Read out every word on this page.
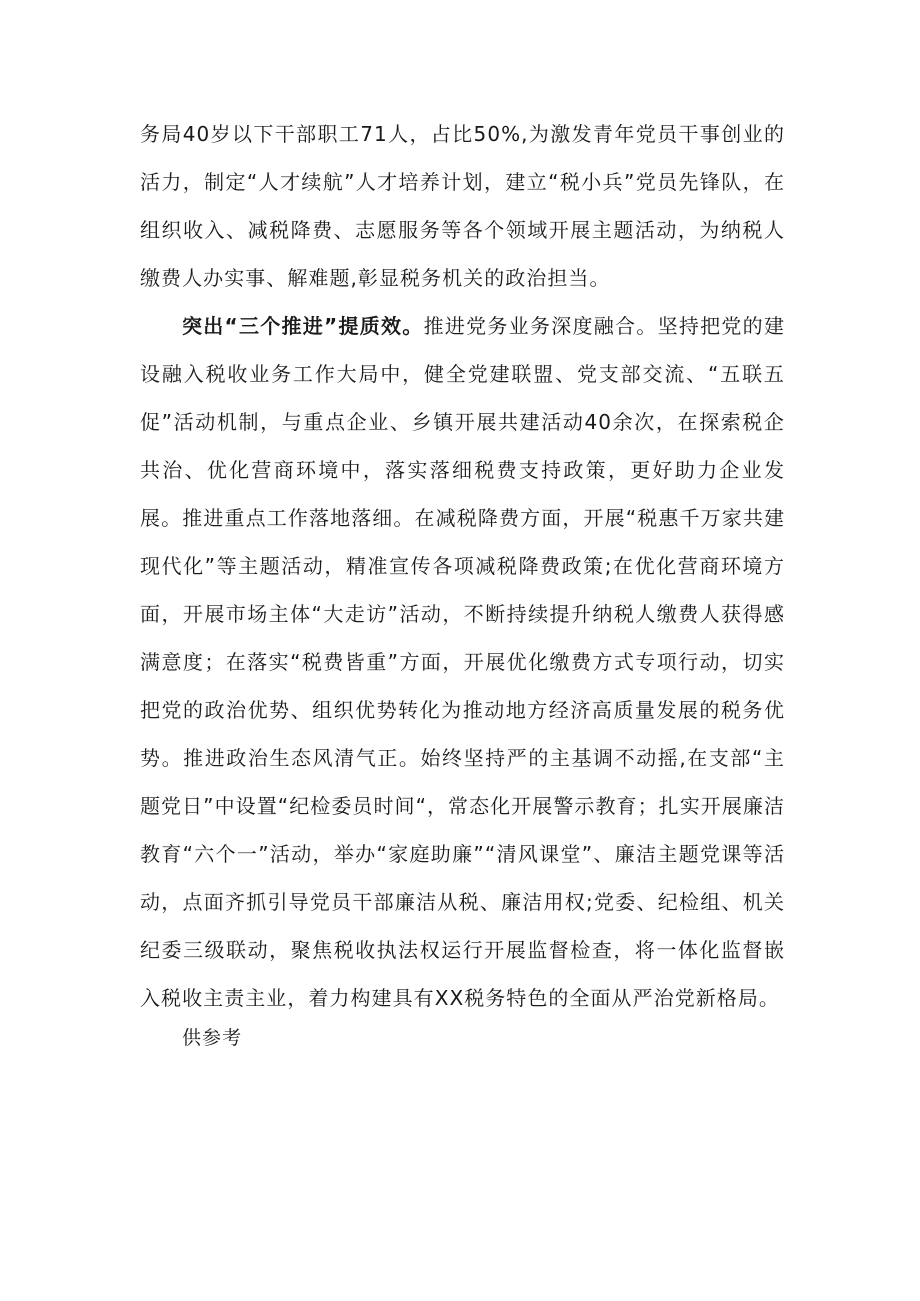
务局40岁以下干部职工71人，占比50%,为激发青年党员干事创业的活力，制定“人才续航”人才培养计划，建立“税小兵”党员先锋队，在组织收入、减税降费、志愿服务等各个领域开展主题活动，为纳税人缴费人办实事、解难题,彰显税务机关的政治担当。

突出“三个推进”提质效。推进党务业务深度融合。坚持把党的建设融入税收业务工作大局中，健全党建联盟、党支部交流、“五联五促”活动机制，与重点企业、乡镇开展共建活动40余次，在探索税企共治、优化营商环境中，落实落细税费支持政策，更好助力企业发展。推进重点工作落地落细。在减税降费方面，开展“税惠千万家共建现代化”等主题活动，精准宣传各项减税降费政策;在优化营商环境方面，开展市场主体“大走访”活动，不断持续提升纳税人缴费人获得感满意度；在落实“税费皆重”方面，开展优化缴费方式专项行动，切实把党的政治优势、组织优势转化为推动地方经济高质量发展的税务优势。推进政治生态风清气正。始终坚持严的主基调不动摇,在支部“主题党日”中设置“纪检委员时间“，常态化开展警示教育；扎实开展廉洁教育“六个一”活动，举办“家庭助廉”“清风课堂”、廉洁主题党课等活动，点面齐抓引导党员干部廉洁从税、廉洁用权;党委、纪检组、机关纪委三级联动，聚焦税收执法权运行开展监督检查，将一体化监督嵌入税收主责主业，着力构建具有XX税务特色的全面从严治党新格局。

供参考
